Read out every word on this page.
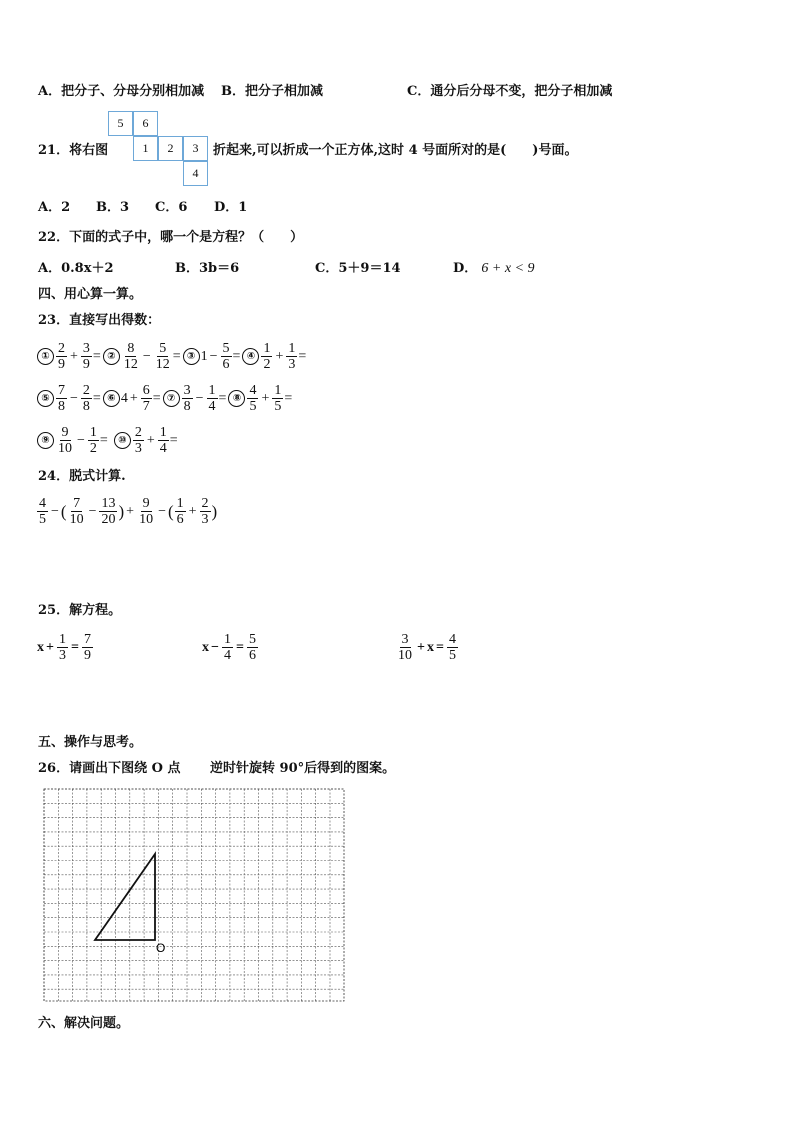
A．把分子、分母分别相加减 B．把分子相加减	C．通分后分母不变，把分子相加减
21．将右图
5	6
1	2	3
4
折起来,可以折成一个正方体,这时 4 号面所对的是(　　)号面。
A．2 B．3 C．6 D．1
22．下面的式子中，哪一个是方程？（　　）
A．0.8x＋2	B．3b＝6	C．5＋9＝14	D． 6 + x < 9
四、用心算一算。
23．直接写出得数：
① $\frac{2}{9} + \frac{3}{9}$ = ② $\frac{8}{12} - \frac{5}{12}$ = ③ $1 - \frac{5}{6}$ = ④ $\frac{1}{2} + \frac{1}{3}$ =
⑤ $\frac{7}{8} - \frac{2}{8}$ = ⑥ $4 + \frac{6}{7}$ = ⑦ $\frac{3}{8} - \frac{1}{4}$ = ⑧ $\frac{4}{5} + \frac{1}{5}$ =
⑨ $\frac{9}{10} - \frac{1}{2}$ =	⑩ $\frac{2}{3} + \frac{1}{4}$ =
24．脱式计算.
$\frac{4}{5}$ − ( $\frac{7}{10} - \frac{13}{20}$ ) + $\frac{9}{10}$ − ( $\frac{1}{6} + \frac{2}{3}$ )
25．解方程。
$x + \frac{1}{3} = \frac{7}{9}$	$x - \frac{1}{4} = \frac{5}{6}$	$\frac{3}{10} + x = \frac{4}{5}$
五、操作与思考。
26．请画出下图绕 O 点 逆时针旋转 90°后得到的图案。
O
六、解决问题。
